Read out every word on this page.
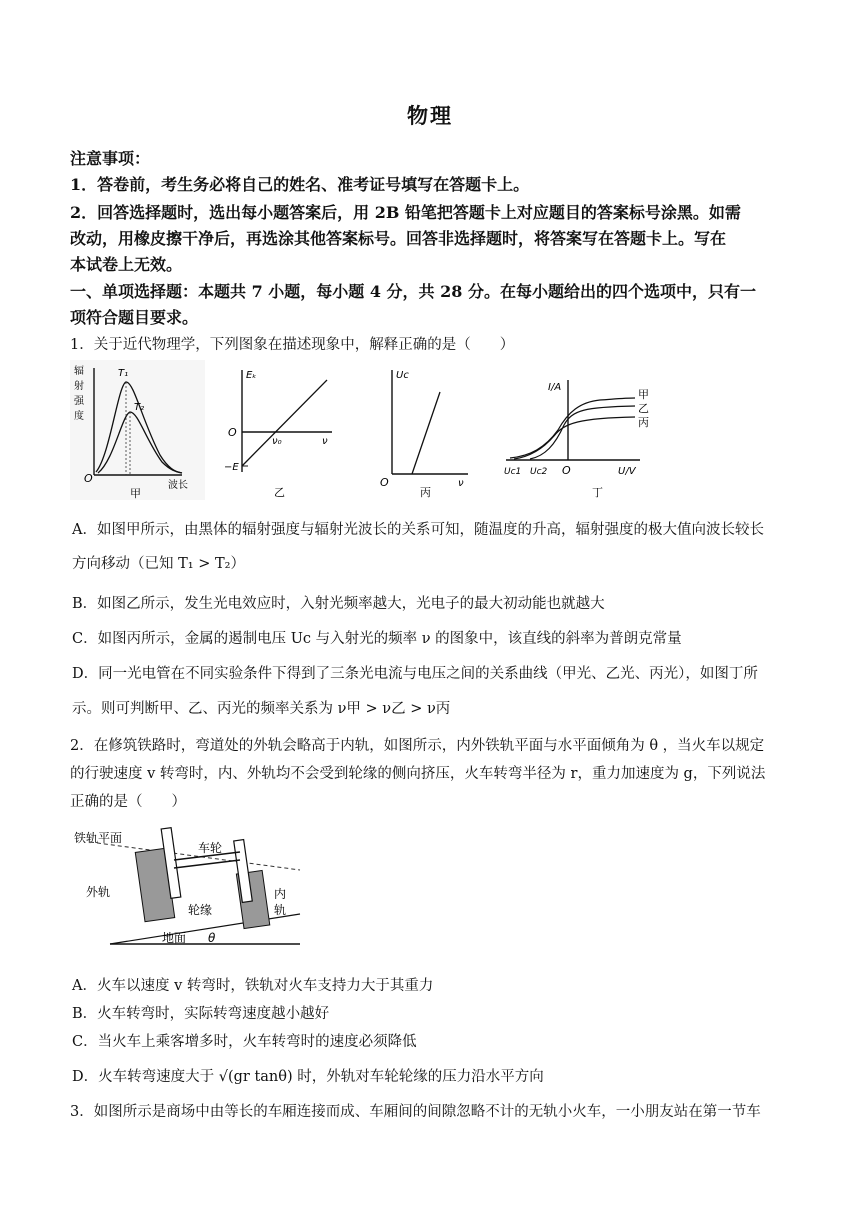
物理
注意事项：
1．答卷前，考生务必将自己的姓名、准考证号填写在答题卡上。
2．回答选择题时，选出每小题答案后，用 2B 铅笔把答题卡上对应题目的答案标号涂黑。如需
改动，用橡皮擦干净后，再选涂其他答案标号。回答非选择题时，将答案写在答题卡上。写在
本试卷上无效。
一、单项选择题：本题共 7 小题，每小题 4 分，共 28 分。在每小题给出的四个选项中，只有一
项符合题目要求。
1．关于近代物理学，下列图象在描述现象中，解释正确的是（　　）
辐
射
强
度
T₁
T₂
O
波长
甲
Eₖ
O
−E
ν₀	ν
乙
Uc
O	ν
丙
I/A
甲
乙
丙
Uc1 Uc2 O	U/V
丁
A．如图甲所示，由黑体的辐射强度与辐射光波长的关系可知，随温度的升高，辐射强度的极大值向波长较长
方向移动（已知 T₁ > T₂）
B．如图乙所示，发生光电效应时，入射光频率越大，光电子的最大初动能也就越大
C．如图丙所示，金属的遏制电压 Uc 与入射光的频率 ν 的图象中，该直线的斜率为普朗克常量
D．同一光电管在不同实验条件下得到了三条光电流与电压之间的关系曲线（甲光、乙光、丙光），如图丁所
示。则可判断甲、乙、丙光的频率关系为 ν甲 > ν乙 > ν丙
2．在修筑铁路时，弯道处的外轨会略高于内轨，如图所示，内外铁轨平面与水平面倾角为 θ ，当火车以规定
的行驶速度 v 转弯时，内、外轨均不会受到轮缘的侧向挤压，火车转弯半径为 r，重力加速度为 g，下列说法
正确的是（　　）
铁轨平面
车轮
外轨
轮缘
内
轨
地面 θ
A．火车以速度 v 转弯时，铁轨对火车支持力大于其重力
B．火车转弯时，实际转弯速度越小越好
C．当火车上乘客增多时，火车转弯时的速度必须降低
D．火车转弯速度大于 √(gr tanθ) 时，外轨对车轮轮缘的压力沿水平方向
3．如图所示是商场中由等长的车厢连接而成、车厢间的间隙忽略不计的无轨小火车，一小朋友站在第一节车
